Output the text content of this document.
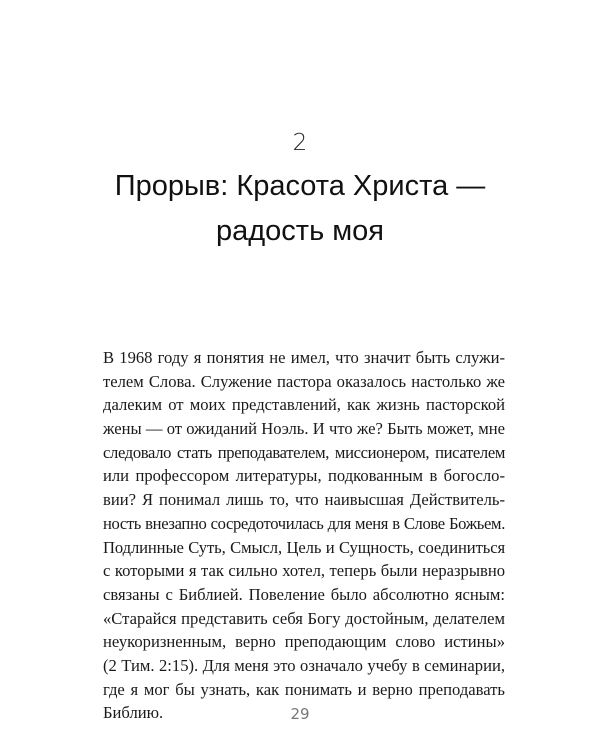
2
Прорыв: Красота Христа —
радость моя
В 1968 году я понятия не имел, что значит быть служи-
телем Слова. Служение пастора оказалось настолько же
далеким от моих представлений, как жизнь пасторской
жены — от ожиданий Ноэль. И что же? Быть может, мне
следовало стать преподавателем, миссионером, писателем
или профессором литературы, подкованным в богосло-
вии? Я понимал лишь то, что наивысшая Действитель-
ность внезапно сосредоточилась для меня в Слове Божьем.
Подлинные Суть, Смысл, Цель и Сущность, соединиться
с которыми я так сильно хотел, теперь были неразрывно
связаны с Библией. Повеление было абсолютно ясным:
«Старайся представить себя Богу достойным, делателем
неукоризненным, верно преподающим слово истины»
(2 Тим. 2:15). Для меня это означало учебу в семинарии,
где я мог бы узнать, как понимать и верно преподавать
Библию.	29
